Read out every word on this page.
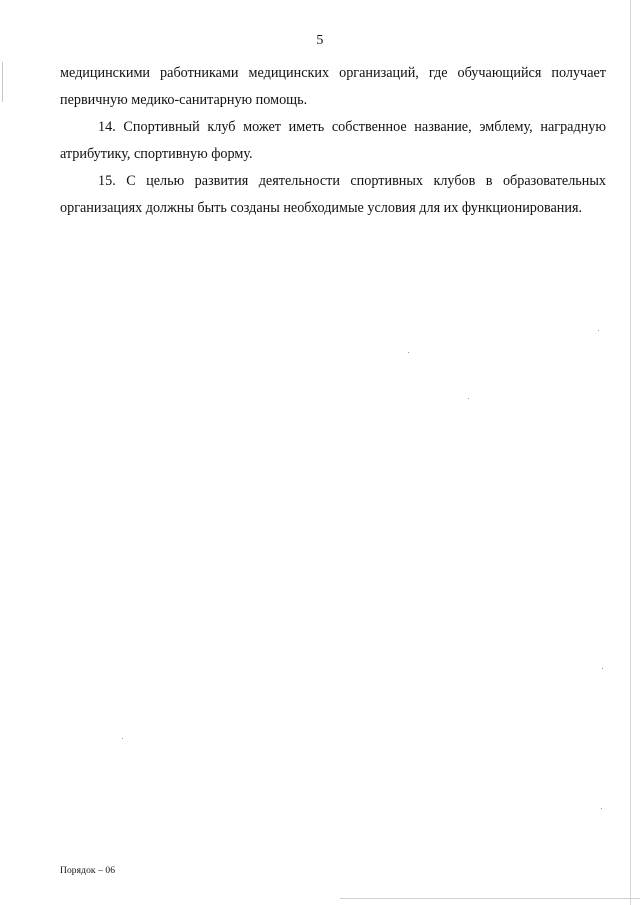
5
медицинскими работниками медицинских организаций, где обучающийся получает
первичную медико-санитарную помощь.
14. Спортивный клуб может иметь собственное название, эмблему, наградную
атрибутику, спортивную форму.
15. С целью развития деятельности спортивных клубов в образовательных
организациях должны быть созданы необходимые условия для их функционирования.
Порядок – 06
